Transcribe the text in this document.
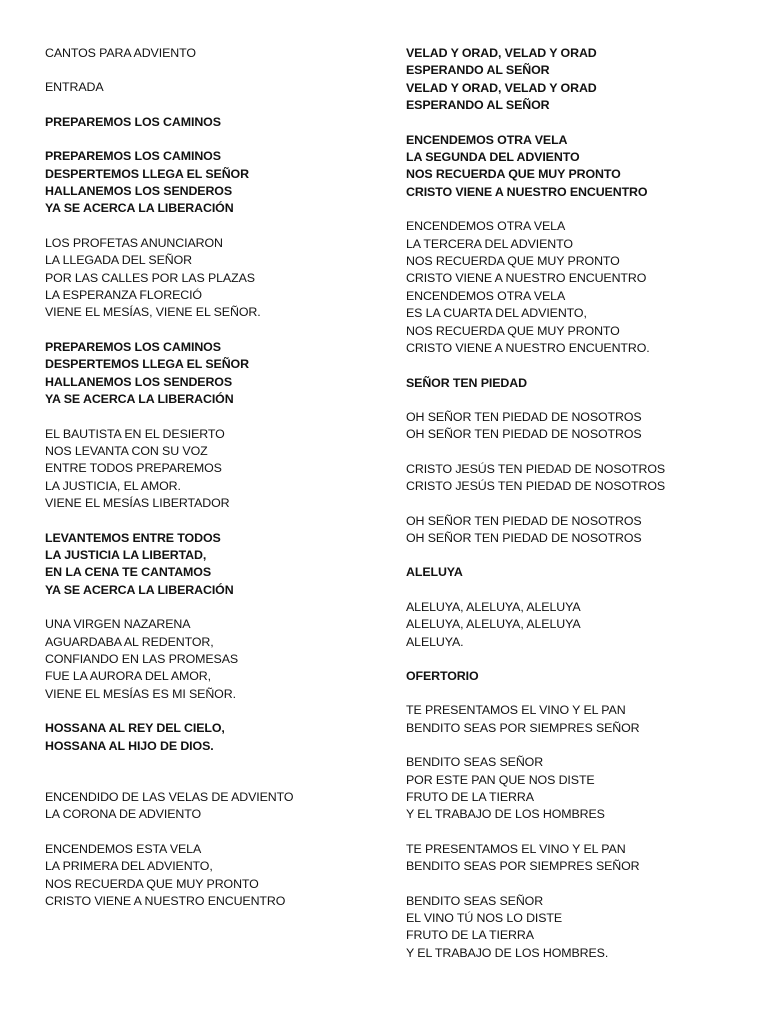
CANTOS PARA ADVIENTO
ENTRADA
PREPAREMOS LOS CAMINOS
PREPAREMOS LOS CAMINOS
DESPERTEMOS LLEGA EL SEÑOR
HALLANEMOS LOS SENDEROS
YA SE ACERCA LA LIBERACIÓN
LOS PROFETAS ANUNCIARON
LA LLEGADA DEL SEÑOR
POR LAS CALLES POR LAS PLAZAS
LA ESPERANZA FLORECIÓ
VIENE EL MESÍAS, VIENE EL SEÑOR.
PREPAREMOS LOS CAMINOS
DESPERTEMOS LLEGA EL SEÑOR
HALLANEMOS LOS SENDEROS
YA SE ACERCA LA LIBERACIÓN
EL BAUTISTA EN EL DESIERTO
NOS LEVANTA CON SU VOZ
ENTRE TODOS PREPAREMOS
LA JUSTICIA, EL AMOR.
VIENE EL MESÍAS LIBERTADOR
LEVANTEMOS ENTRE TODOS
LA JUSTICIA LA LIBERTAD,
EN LA CENA TE CANTAMOS
YA SE ACERCA LA LIBERACIÓN
UNA VIRGEN NAZARENA
AGUARDABA AL REDENTOR,
CONFIANDO EN LAS PROMESAS
FUE LA AURORA DEL AMOR,
VIENE EL MESÍAS ES MI SEÑOR.
HOSSANA AL REY DEL CIELO,
HOSSANA AL HIJO DE DIOS.
ENCENDIDO DE LAS VELAS DE ADVIENTO
LA CORONA DE ADVIENTO
ENCENDEMOS ESTA VELA
LA PRIMERA DEL ADVIENTO,
NOS RECUERDA QUE MUY PRONTO
CRISTO VIENE A NUESTRO ENCUENTRO
VELAD Y ORAD, VELAD Y ORAD
ESPERANDO AL SEÑOR
VELAD Y ORAD, VELAD Y ORAD
ESPERANDO AL SEÑOR
ENCENDEMOS OTRA VELA
LA SEGUNDA DEL ADVIENTO
NOS RECUERDA QUE MUY PRONTO
CRISTO VIENE A NUESTRO ENCUENTRO
ENCENDEMOS OTRA VELA
LA TERCERA DEL ADVIENTO
NOS RECUERDA QUE MUY PRONTO
CRISTO VIENE A NUESTRO ENCUENTRO
ENCENDEMOS OTRA VELA
ES LA CUARTA DEL ADVIENTO,
NOS RECUERDA QUE MUY PRONTO
CRISTO VIENE A NUESTRO ENCUENTRO.
SEÑOR TEN PIEDAD
OH SEÑOR TEN PIEDAD DE NOSOTROS
OH SEÑOR TEN PIEDAD DE NOSOTROS
CRISTO JESÚS TEN PIEDAD DE NOSOTROS
CRISTO JESÚS TEN PIEDAD DE NOSOTROS
OH SEÑOR TEN PIEDAD DE NOSOTROS
OH SEÑOR TEN PIEDAD DE NOSOTROS
ALELUYA
ALELUYA, ALELUYA, ALELUYA
ALELUYA, ALELUYA, ALELUYA
ALELUYA.
OFERTORIO
TE PRESENTAMOS EL VINO Y EL PAN
BENDITO SEAS POR SIEMPRES SEÑOR
BENDITO SEAS SEÑOR
POR ESTE PAN QUE NOS DISTE
FRUTO DE LA TIERRA
Y EL TRABAJO DE LOS HOMBRES
TE PRESENTAMOS EL VINO Y EL PAN
BENDITO SEAS POR SIEMPRES SEÑOR
BENDITO SEAS SEÑOR
EL VINO TÚ NOS LO DISTE
FRUTO DE LA TIERRA
Y EL TRABAJO DE LOS HOMBRES.
